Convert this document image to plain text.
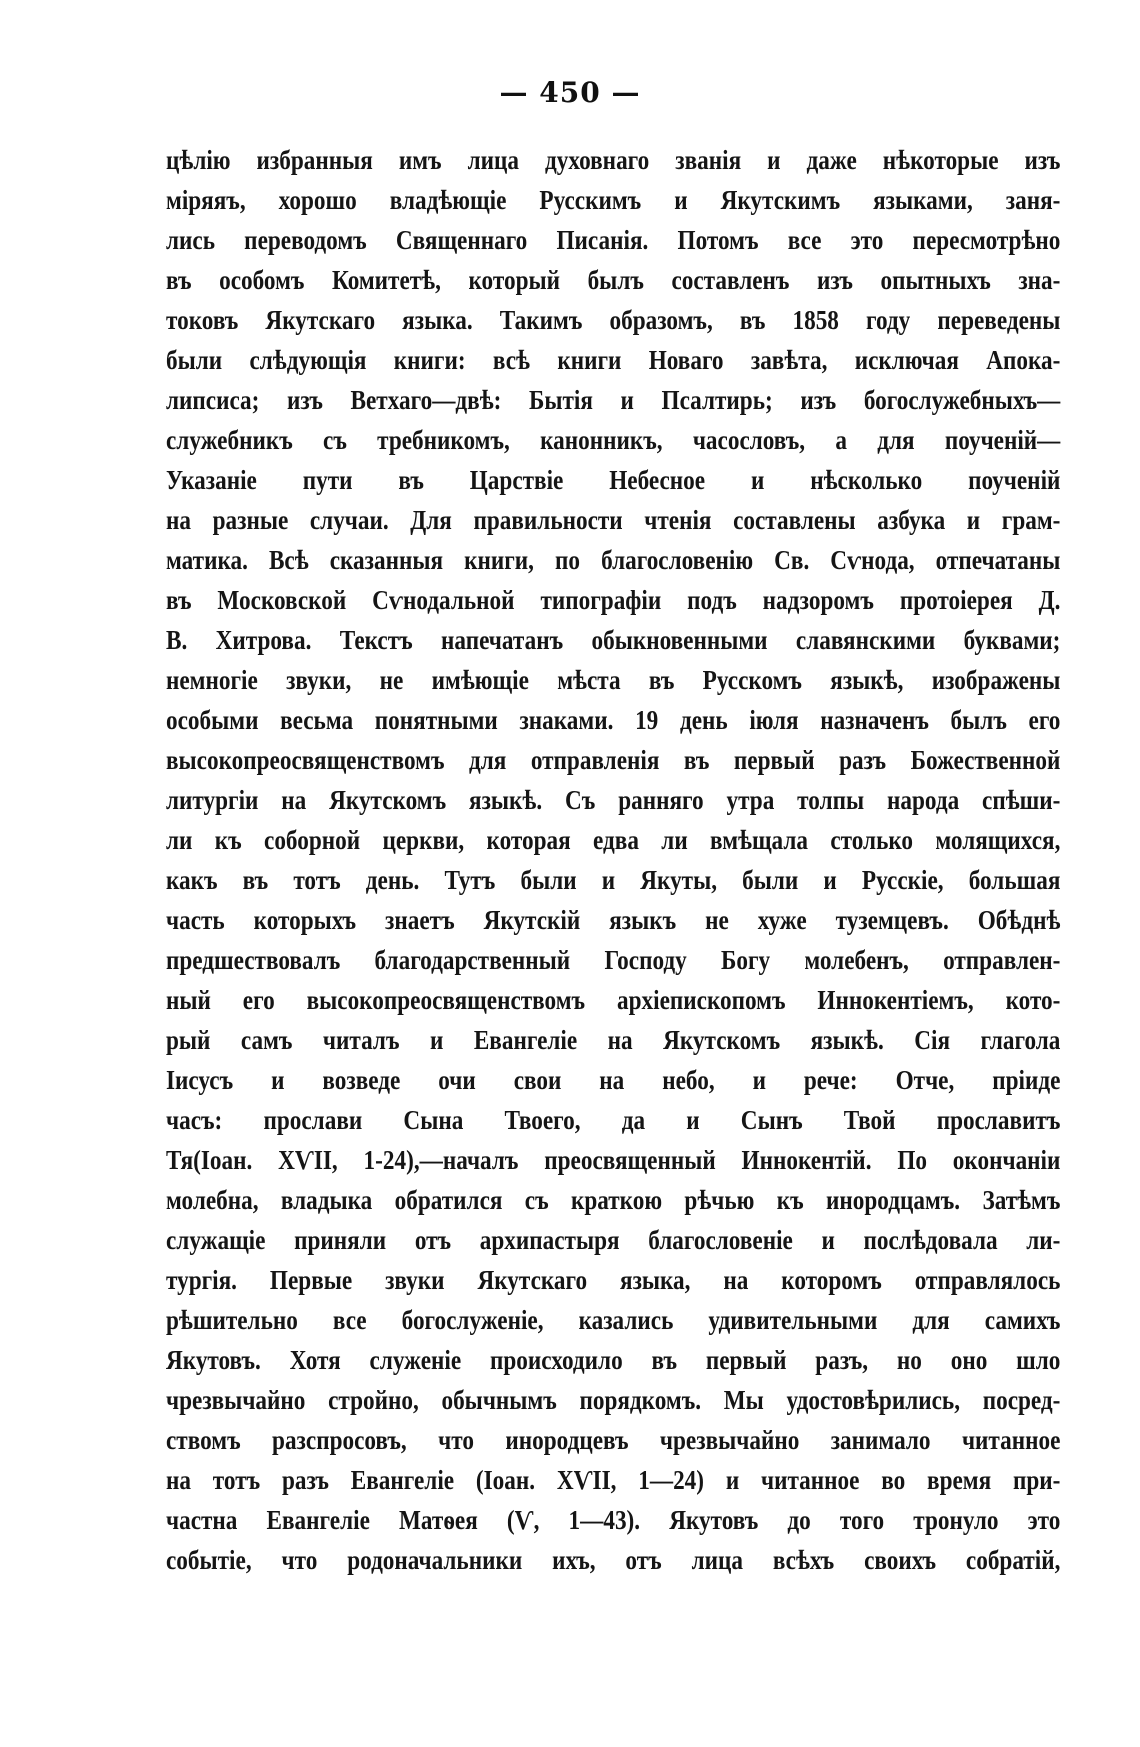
— 450 —
цѣлію избранныя имъ лица духовнаго званія и даже нѣкоторые изъ
міряяъ, хорошо владѣющіе Русскимъ и Якутскимъ языками, заня-
лись переводомъ Священнаго Писанія. Потомъ все это пересмотрѣно
въ особомъ Комитетѣ, который былъ составленъ изъ опытныхъ зна-
токовъ Якутскаго языка. Такимъ образомъ, въ 1858 году переведены
были слѣдующія книги: всѣ книги Новаго завѣта, исключая Апока-
липсиса; изъ Ветхаго—двѣ: Бытія и Псалтирь; изъ богослужебныхъ—
служебникъ съ требникомъ, канонникъ, часословъ, а для поученій—
Указаніе пути въ Царствіе Небесное и нѣсколько поученій
на разные случаи. Для правильности чтенія составлены азбука и грам-
матика. Всѣ сказанныя книги, по благословенію Св. Сѵнода, отпечатаны
въ Московской Сѵнодальной типографіи подъ надзоромъ протоіерея Д.
В. Хитрова. Текстъ напечатанъ обыкновенными славянскими буквами;
немногіе звуки, не имѣющіе мѣста въ Русскомъ языкѣ, изображены
особыми весьма понятными знаками. 19 день іюля назначенъ былъ его
высокопреосвященствомъ для отправленія въ первый разъ Божественной
литургіи на Якутскомъ языкѣ. Съ ранняго утра толпы народа спѣши-
ли къ соборной церкви, которая едва ли вмѣщала столько молящихся,
какъ въ тотъ день. Тутъ были и Якуты, были и Русскіе, большая
часть которыхъ знаетъ Якутскій языкъ не хуже туземцевъ. Обѣднѣ
предшествовалъ благодарственный Господу Богу молебенъ, отправлен-
ный его высокопреосвященствомъ архіепископомъ Иннокентіемъ, кото-
рый самъ читалъ и Евангеліе на Якутскомъ языкѣ. Сія глагола
Іисусъ и возведе очи свои на небо, и рече: Отче, пріиде
часъ: прослави Сына Твоего, да и Сынъ Твой прославитъ
Тя(Іоан. XѴII, 1-24),—началъ преосвященный Иннокентій. По окончаніи
молебна, владыка обратился съ краткою рѣчью къ инородцамъ. Затѣмъ
служащіе приняли отъ архипастыря благословеніе и послѣдовала ли-
тургія. Первые звуки Якутскаго языка, на которомъ отправлялось
рѣшительно все богослуженіе, казались удивительными для самихъ
Якутовъ. Хотя служеніе происходило въ первый разъ, но оно шло
чрезвычайно стройно, обычнымъ порядкомъ. Мы удостовѣрились, посред-
ствомъ разспросовъ, что инородцевъ чрезвычайно занимало читанное
на тотъ разъ Евангеліе (Іоан. XѴII, 1—24) и читанное во время при-
частна Евангеліе Матѳея (Ѵ, 1—43). Якутовъ до того тронуло это
событіе, что родоначальники ихъ, отъ лица всѣхъ своихъ собратій,
